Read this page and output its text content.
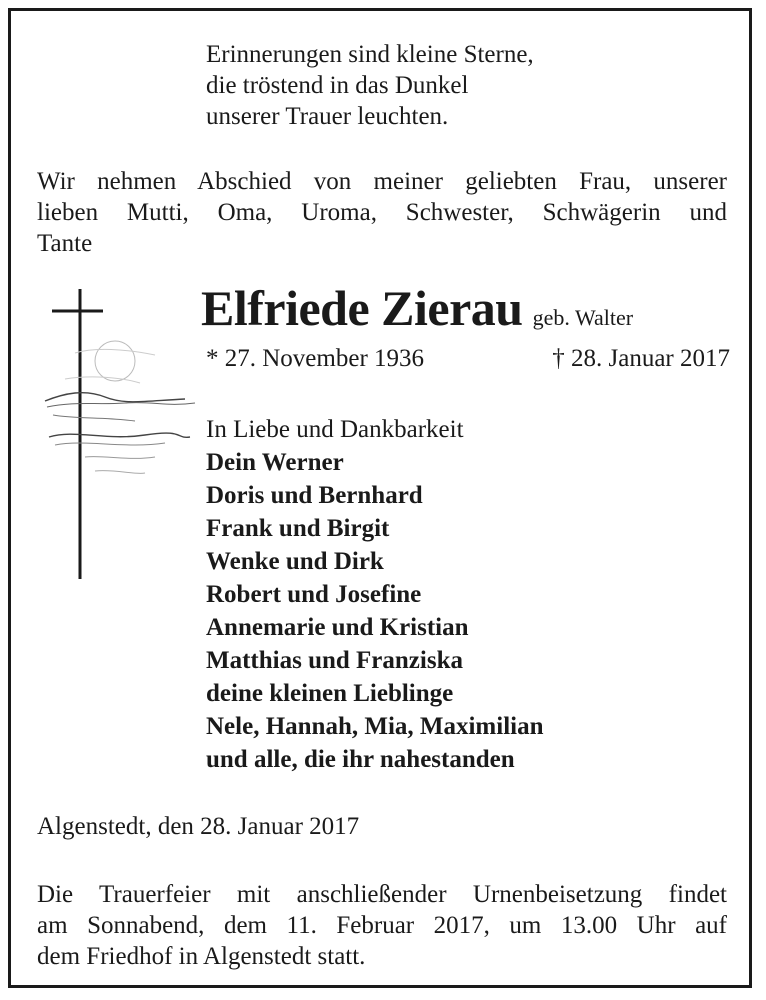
Erinnerungen sind kleine Sterne,
die tröstend in das Dunkel
unserer Trauer leuchten.
Wir nehmen Abschied von meiner geliebten Frau, unserer
lieben Mutti, Oma, Uroma, Schwester, Schwägerin und
Tante
Elfriede Zierau geb. Walter
* 27. November 1936	† 28. Januar 2017
In Liebe und Dankbarkeit
Dein Werner
Doris und Bernhard
Frank und Birgit
Wenke und Dirk
Robert und Josefine
Annemarie und Kristian
Matthias und Franziska
deine kleinen Lieblinge
Nele, Hannah, Mia, Maximilian
und alle, die ihr nahestanden
Algenstedt, den 28. Januar 2017
Die Trauerfeier mit anschließender Urnenbeisetzung findet
am Sonnabend, dem 11. Februar 2017, um 13.00 Uhr auf
dem Friedhof in Algenstedt statt.
